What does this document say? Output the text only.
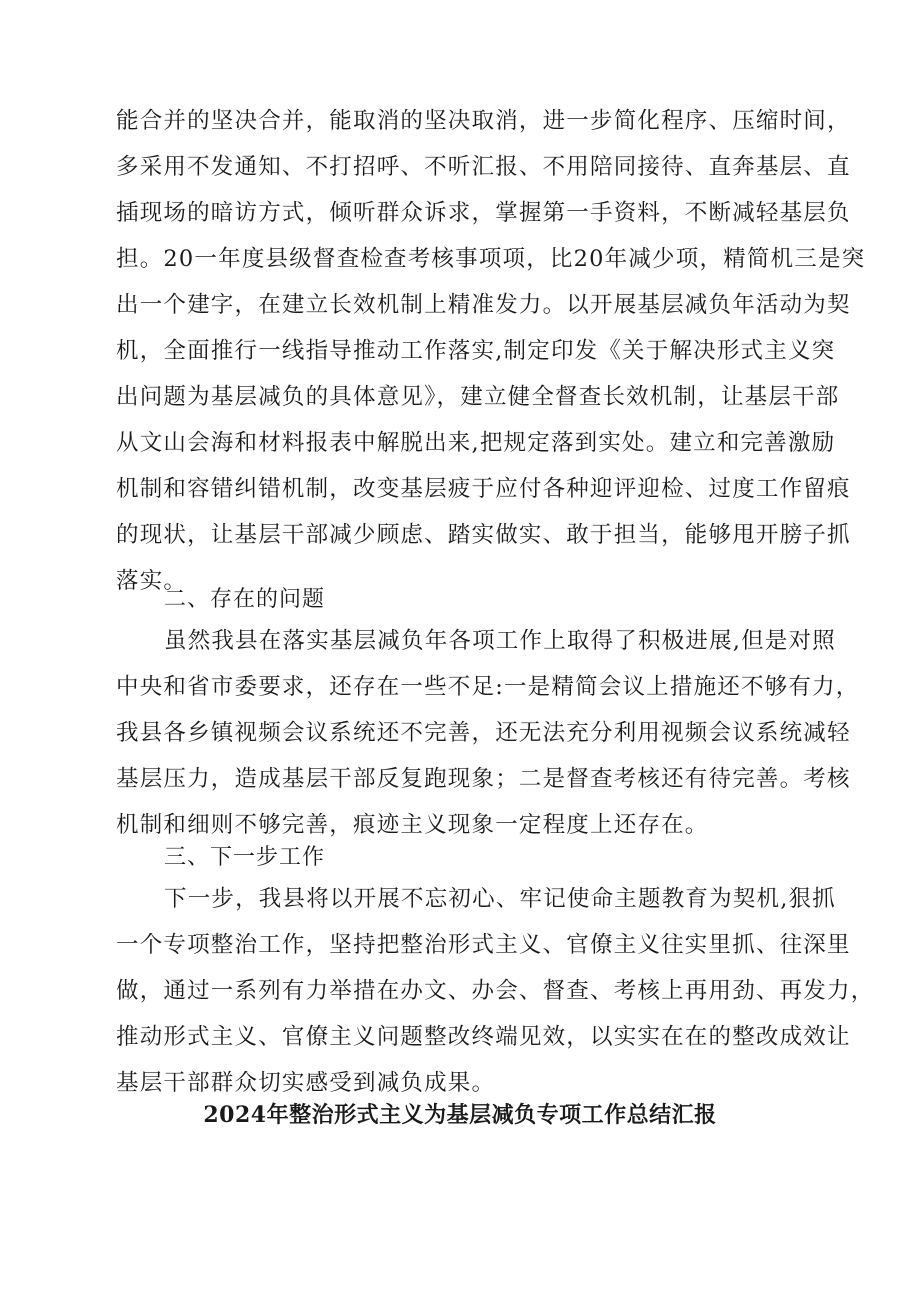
能合并的坚决合并，能取消的坚决取消，进一步简化程序、压缩时间，
多采用不发通知、不打招呼、不听汇报、不用陪同接待、直奔基层、直
插现场的暗访方式，倾听群众诉求，掌握第一手资料，不断减轻基层负
担。20一年度县级督查检查考核事项项，比20年减少项，精简机三是突
出一个建字，在建立长效机制上精准发力。以开展基层减负年活动为契
机，全面推行一线指导推动工作落实,制定印发《关于解决形式主义突
出问题为基层减负的具体意见》，建立健全督查长效机制，让基层干部
从文山会海和材料报表中解脱出来,把规定落到实处。建立和完善激励
机制和容错纠错机制，改变基层疲于应付各种迎评迎检、过度工作留痕
的现状，让基层干部减少顾虑、踏实做实、敢于担当，能够甩开膀子抓
落实。
二、存在的问题
虽然我县在落实基层减负年各项工作上取得了积极进展,但是对照
中央和省市委要求，还存在一些不足:一是精简会议上措施还不够有力，
我县各乡镇视频会议系统还不完善，还无法充分利用视频会议系统减轻
基层压力，造成基层干部反复跑现象；二是督查考核还有待完善。考核
机制和细则不够完善，痕迹主义现象一定程度上还存在。
三、下一步工作
下一步，我县将以开展不忘初心、牢记使命主题教育为契机,狠抓
一个专项整治工作，坚持把整治形式主义、官僚主义往实里抓、往深里
做，通过一系列有力举措在办文、办会、督查、考核上再用劲、再发力，
推动形式主义、官僚主义问题整改终端见效，以实实在在的整改成效让
基层干部群众切实感受到减负成果。
2024年整治形式主义为基层减负专项工作总结汇报
